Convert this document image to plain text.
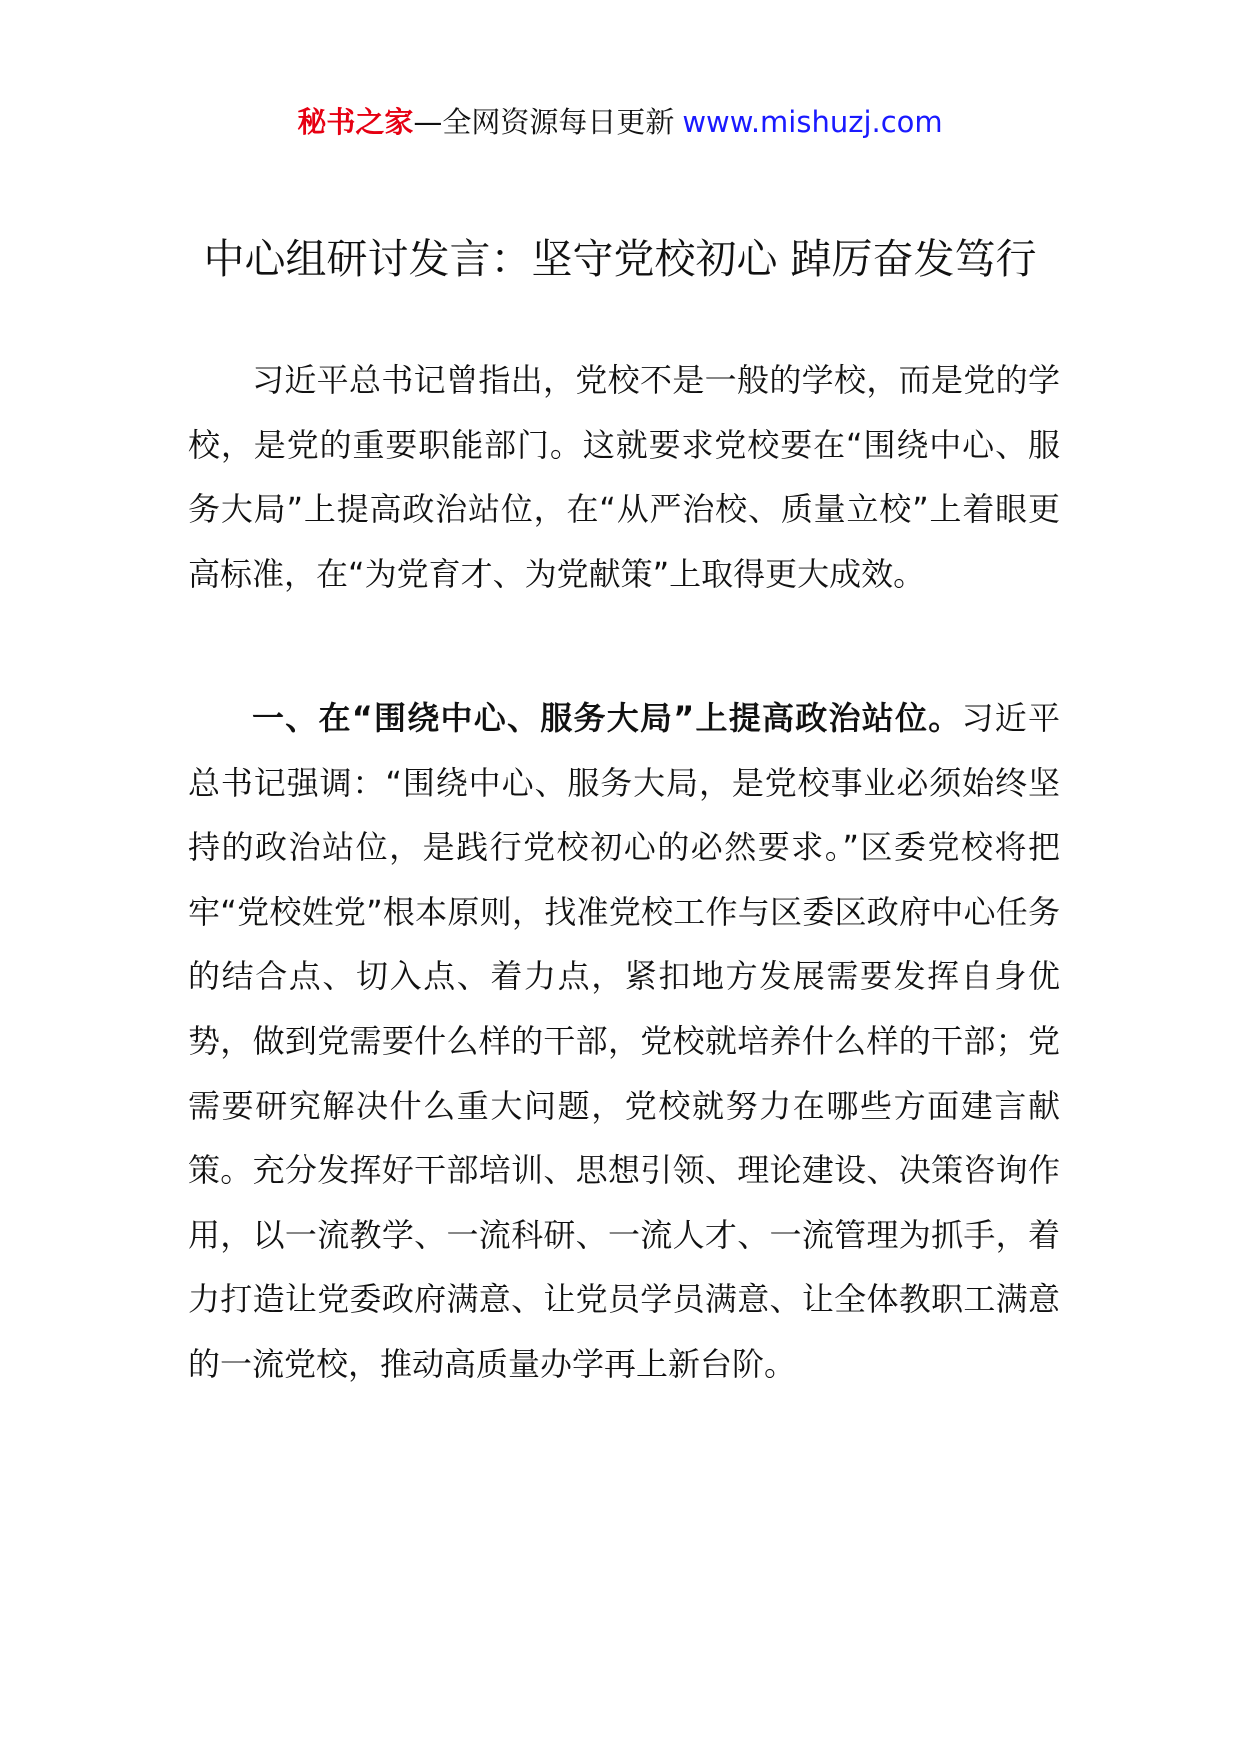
秘书之家—全网资源每日更新 www.mishuzj.com
中心组研讨发言：坚守党校初心 踔厉奋发笃行

习近平总书记曾指出，党校不是一般的学校，而是党的学校，是党的重要职能部门。这就要求党校要在“围绕中心、服务大局”上提高政治站位，在“从严治校、质量立校”上着眼更高标准，在“为党育才、为党献策”上取得更大成效。

一、在“围绕中心、服务大局”上提高政治站位。习近平总书记强调：“围绕中心、服务大局，是党校事业必须始终坚持的政治站位，是践行党校初心的必然要求。”区委党校将把牢“党校姓党”根本原则，找准党校工作与区委区政府中心任务的结合点、切入点、着力点，紧扣地方发展需要发挥自身优势，做到党需要什么样的干部，党校就培养什么样的干部；党需要研究解决什么重大问题，党校就努力在哪些方面建言献策。充分发挥好干部培训、思想引领、理论建设、决策咨询作用，以一流教学、一流科研、一流人才、一流管理为抓手，着力打造让党委政府满意、让党员学员满意、让全体教职工满意的一流党校，推动高质量办学再上新台阶。
